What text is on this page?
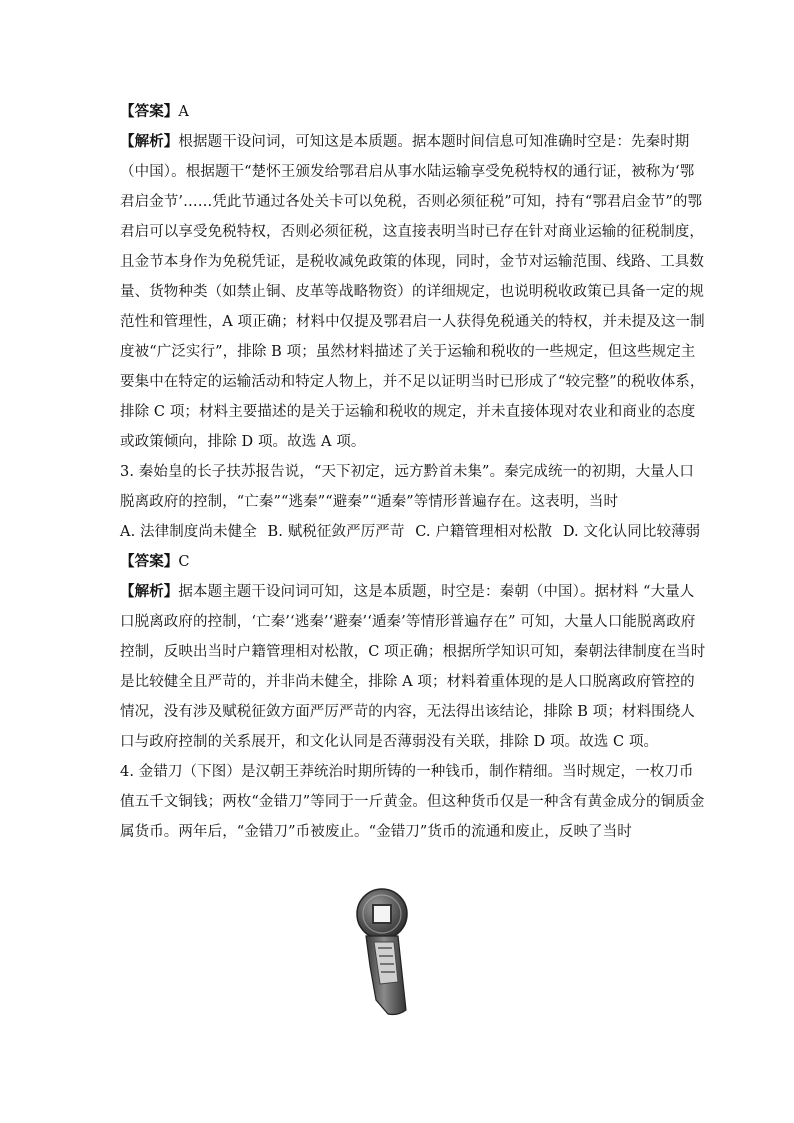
【答案】A
【解析】根据题干设问词，可知这是本质题。据本题时间信息可知准确时空是：先秦时期
（中国）。根据题干“楚怀王颁发给鄂君启从事水陆运输享受免税特权的通行证，被称为‘鄂
君启金节’……凭此节通过各处关卡可以免税，否则必须征税”可知，持有“鄂君启金节”的鄂
君启可以享受免税特权，否则必须征税，这直接表明当时已存在针对商业运输的征税制度，
且金节本身作为免税凭证，是税收减免政策的体现，同时，金节对运输范围、线路、工具数
量、货物种类（如禁止铜、皮革等战略物资）的详细规定，也说明税收政策已具备一定的规
范性和管理性，A 项正确；材料中仅提及鄂君启一人获得免税通关的特权，并未提及这一制
度被“广泛实行”，排除 B 项；虽然材料描述了关于运输和税收的一些规定，但这些规定主
要集中在特定的运输活动和特定人物上，并不足以证明当时已形成了“较完整”的税收体系，
排除 C 项；材料主要描述的是关于运输和税收的规定，并未直接体现对农业和商业的态度
或政策倾向，排除 D 项。故选 A 项。
3. 秦始皇的长子扶苏报告说，“天下初定，远方黔首未集”。秦完成统一的初期，大量人口
脱离政府的控制，“亡秦”“逃秦”“避秦”“遁秦”等情形普遍存在。这表明，当时
A. 法律制度尚未健全 B. 赋税征敛严厉严苛 C. 户籍管理相对松散 D. 文化认同比较薄弱
【答案】C
【解析】据本题主题干设问词可知，这是本质题，时空是：秦朝（中国）。据材料 “大量人
口脱离政府的控制，‘亡秦’‘逃秦’‘避秦’‘遁秦’等情形普遍存在” 可知，大量人口能脱离政府
控制，反映出当时户籍管理相对松散，C 项正确；根据所学知识可知，秦朝法律制度在当时
是比较健全且严苛的，并非尚未健全，排除 A 项；材料着重体现的是人口脱离政府管控的
情况，没有涉及赋税征敛方面严厉严苛的内容，无法得出该结论，排除 B 项；材料围绕人
口与政府控制的关系展开，和文化认同是否薄弱没有关联，排除 D 项。故选 C 项。
4. 金错刀（下图）是汉朝王莽统治时期所铸的一种钱币，制作精细。当时规定，一枚刀币
值五千文铜钱；两枚“金错刀”等同于一斤黄金。但这种货币仅是一种含有黄金成分的铜质金
属货币。两年后，“金错刀”币被废止。“金错刀”货币的流通和废止，反映了当时
